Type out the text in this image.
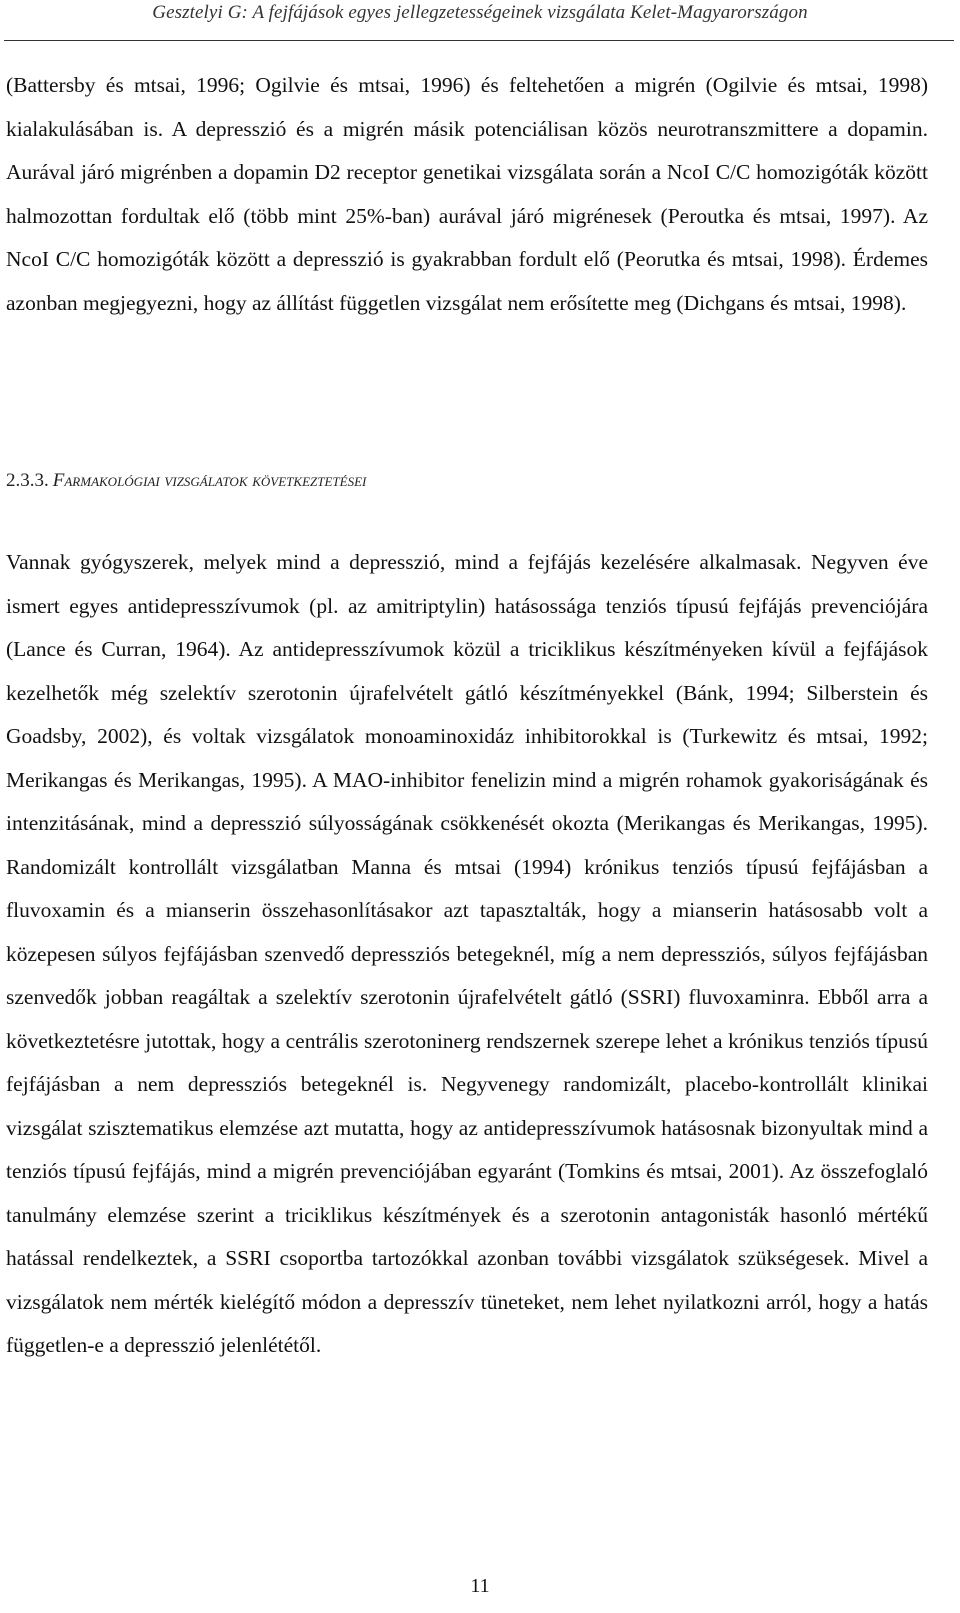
Gesztelyi G: A fejfájások egyes jellegzetességeinek vizsgálata Kelet-Magyarországon

(Battersby és mtsai, 1996; Ogilvie és mtsai, 1996) és feltehetően a migrén (Ogilvie és mtsai, 1998) kialakulásában is. A depresszió és a migrén másik potenciálisan közös neurotranszmittere a dopamin. Aurával járó migrénben a dopamin D2 receptor genetikai vizsgálata során a NcoI C/C homozigóták között halmozottan fordultak elő (több mint 25%-ban) aurával járó migrénesek (Peroutka és mtsai, 1997). Az NcoI C/C homozigóták között a depresszió is gyakrabban fordult elő (Peorutka és mtsai, 1998). Érdemes azonban megjegyezni, hogy az állítást független vizsgálat nem erősítette meg (Dichgans és mtsai, 1998).

2.3.3. Farmakológiai vizsgálatok következtetései

Vannak gyógyszerek, melyek mind a depresszió, mind a fejfájás kezelésére alkalmasak. Negyven éve ismert egyes antidepresszívumok (pl. az amitriptylin) hatásossága tenziós típusú fejfájás prevenciójára (Lance és Curran, 1964). Az antidepresszívumok közül a triciklikus készítményeken kívül a fejfájások kezelhetők még szelektív szerotonin újrafelvételt gátló készítményekkel (Bánk, 1994; Silberstein és Goadsby, 2002), és voltak vizsgálatok monoaminoxidáz inhibitorokkal is (Turkewitz és mtsai, 1992; Merikangas és Merikangas, 1995). A MAO-inhibitor fenelizin mind a migrén rohamok gyakoriságának és intenzitásának, mind a depresszió súlyosságának csökkenését okozta (Merikangas és Merikangas, 1995). Randomizált kontrollált vizsgálatban Manna és mtsai (1994) krónikus tenziós típusú fejfájásban a fluvoxamin és a mianserin összehasonlításakor azt tapasztalták, hogy a mianserin hatásosabb volt a közepesen súlyos fejfájásban szenvedő depressziós betegeknél, míg a nem depressziós, súlyos fejfájásban szenvedők jobban reagáltak a szelektív szerotonin újrafelvételt gátló (SSRI) fluvoxaminra. Ebből arra a következtetésre jutottak, hogy a centrális szerotoninerg rendszernek szerepe lehet a krónikus tenziós típusú fejfájásban a nem depressziós betegeknél is. Negyvenegy randomizált, placebo-kontrollált klinikai vizsgálat szisztematikus elemzése azt mutatta, hogy az antidepresszívumok hatásosnak bizonyultak mind a tenziós típusú fejfájás, mind a migrén prevenciójában egyaránt (Tomkins és mtsai, 2001). Az összefoglaló tanulmány elemzése szerint a triciklikus készítmények és a szerotonin antagonisták hasonló mértékű hatással rendelkeztek, a SSRI csoportba tartozókkal azonban további vizsgálatok szükségesek. Mivel a vizsgálatok nem mérték kielégítő módon a depresszív tüneteket, nem lehet nyilatkozni arról, hogy a hatás független-e a depresszió jelenlététől.

11
